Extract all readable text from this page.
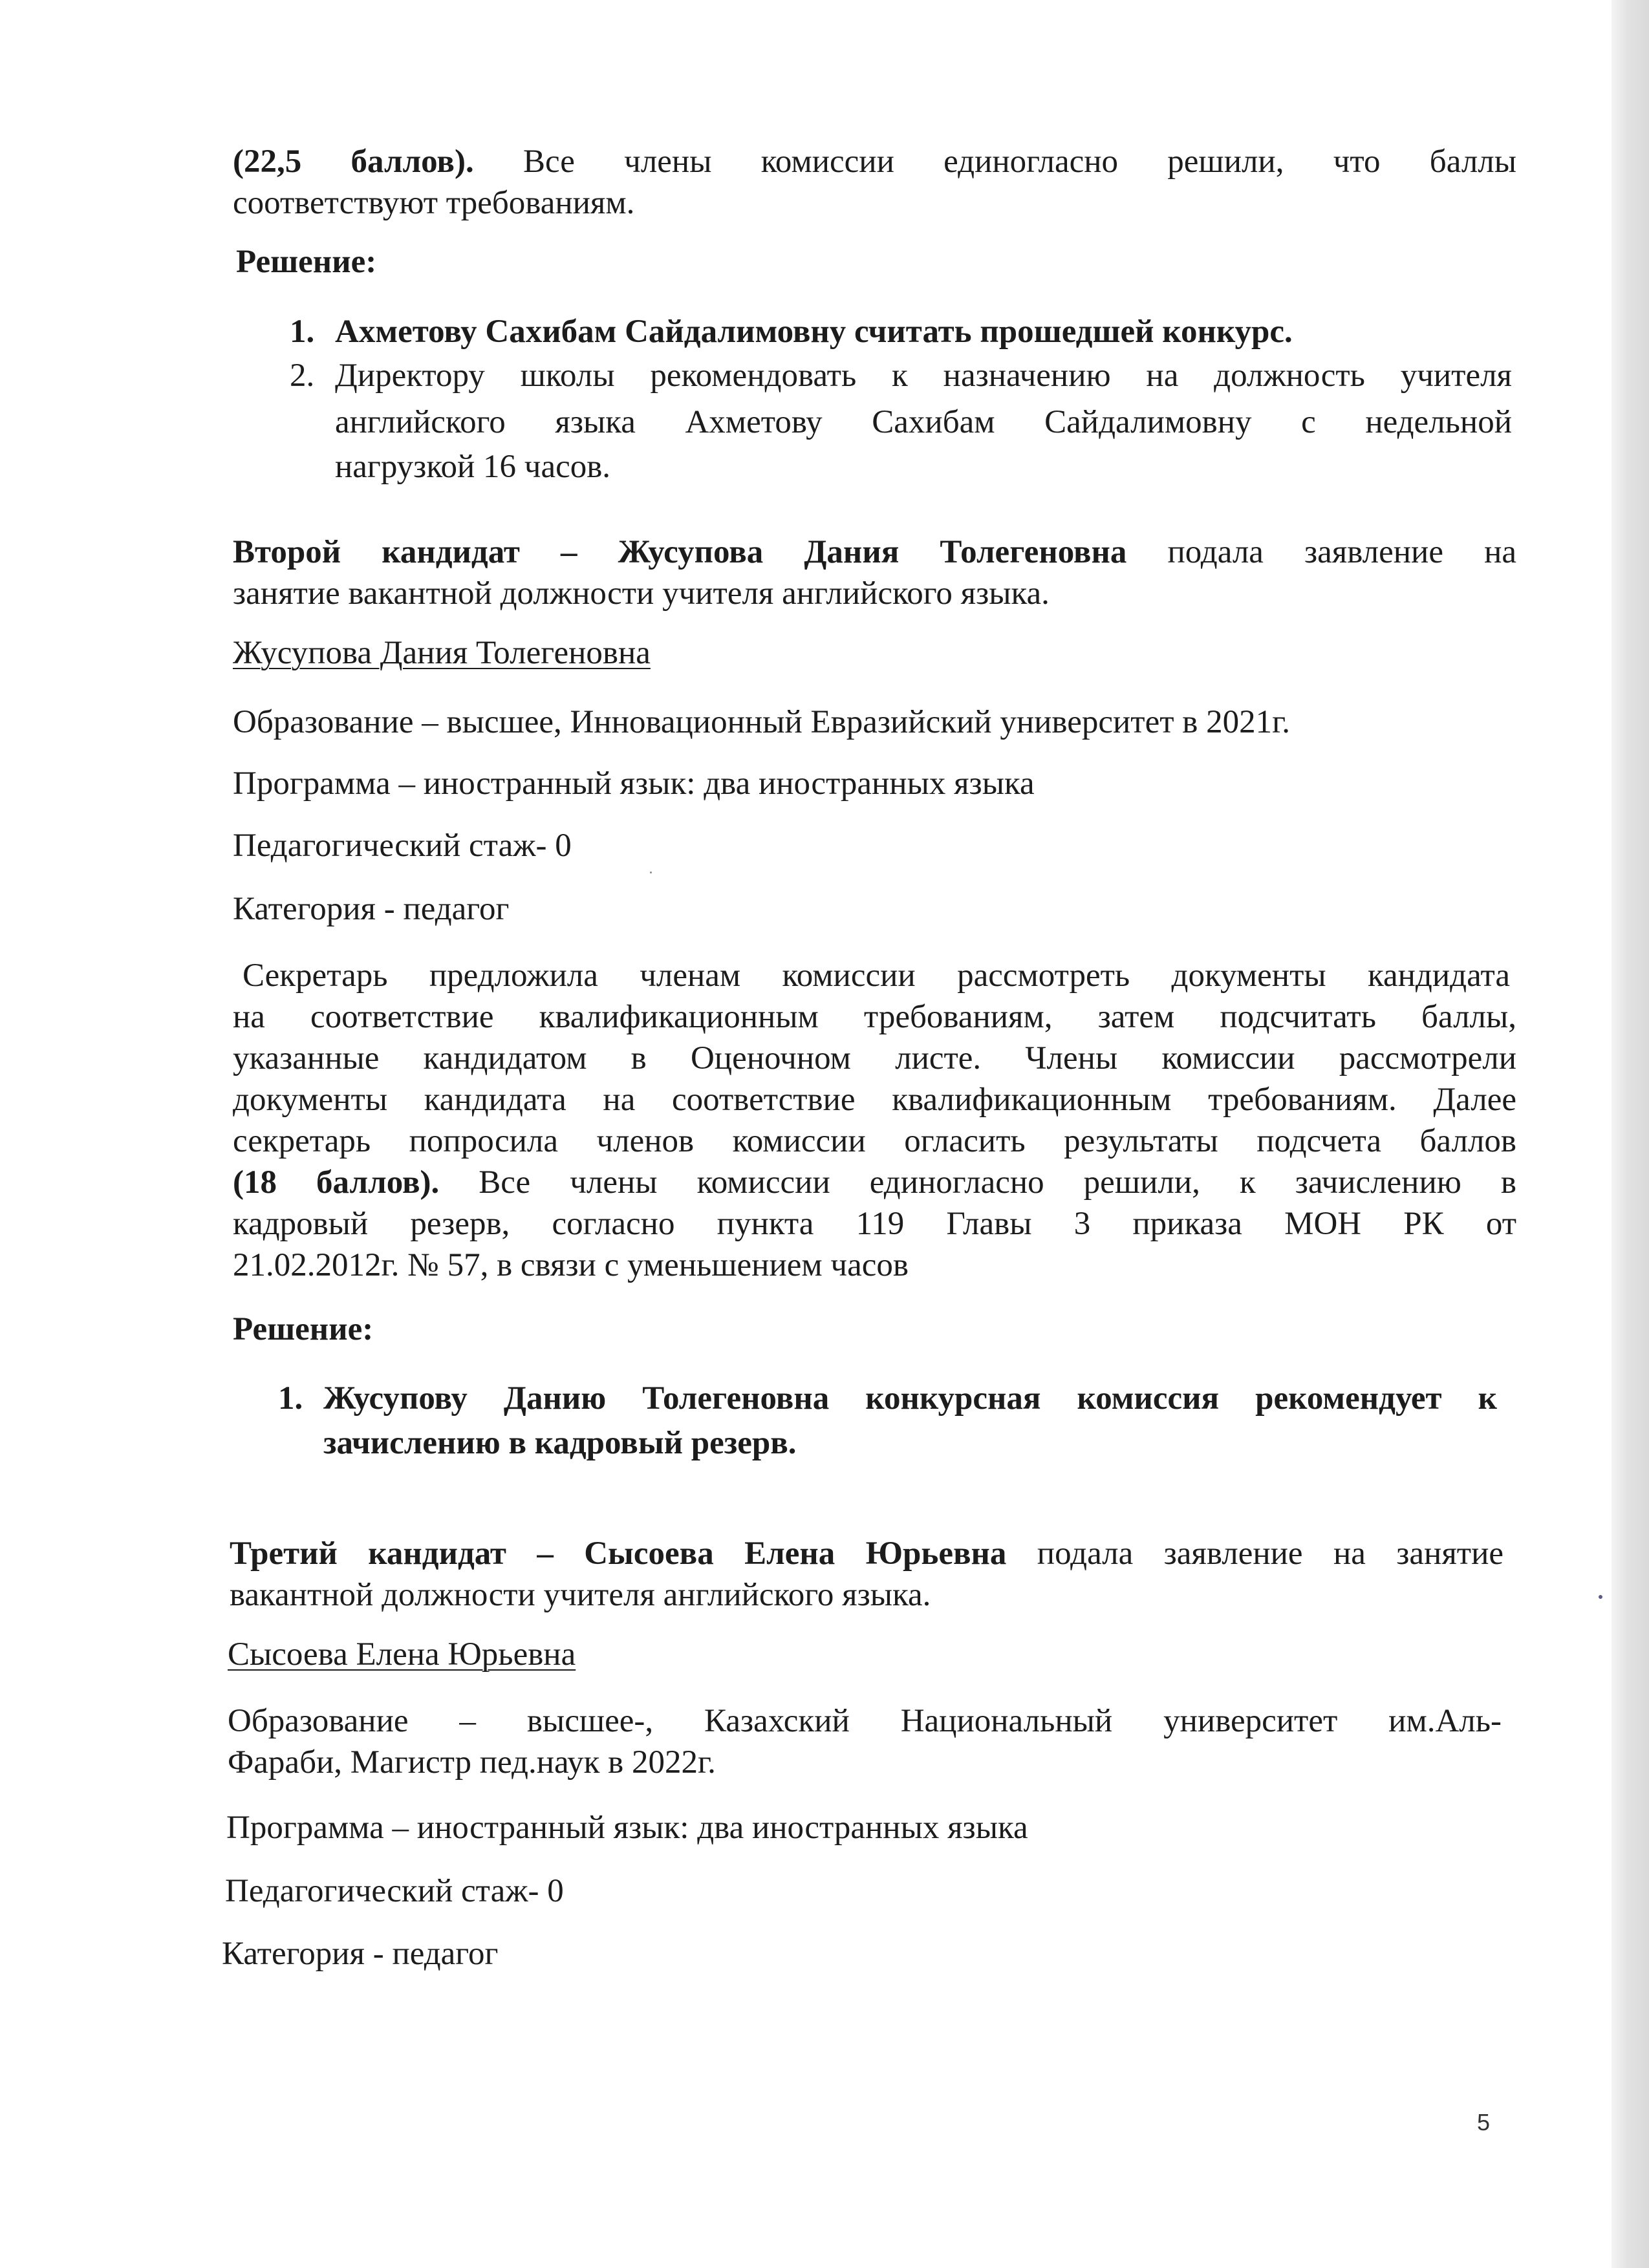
(22,5 баллов). Все члены комиссии единогласно решили, что баллы
соответствуют требованиям.
Решение:
1. Ахметову Сахибам Сайдалимовну считать прошедшей конкурс.
2. Директору школы рекомендовать к назначению на должность учителя
английского языка Ахметову Сахибам Сайдалимовну с недельной
нагрузкой 16 часов.
Второй кандидат – Жусупова Дания Толегеновна подала заявление на
занятие вакантной должности учителя английского языка.
Жусупова Дания Толегеновна
Образование – высшее, Инновационный Евразийский университет в 2021г.
Программа – иностранный язык: два иностранных языка
Педагогический стаж- 0
Категория - педагог
Секретарь предложила членам комиссии рассмотреть документы кандидата
на соответствие квалификационным требованиям, затем подсчитать баллы,
указанные кандидатом в Оценочном листе. Члены комиссии рассмотрели
документы кандидата на соответствие квалификационным требованиям. Далее
секретарь попросила членов комиссии огласить результаты подсчета баллов
(18 баллов). Все члены комиссии единогласно решили, к зачислению в
кадровый резерв, согласно пункта 119 Главы 3 приказа МОН РК от
21.02.2012г. № 57, в связи с уменьшением часов
Решение:
1. Жусупову Данию Толегеновна конкурсная комиссия рекомендует к
зачислению в кадровый резерв.
Третий кандидат – Сысоева Елена Юрьевна подала заявление на занятие
вакантной должности учителя английского языка.
Сысоева Елена Юрьевна
Образование – высшее-, Казахский Национальный университет им.Аль-
Фараби, Магистр пед.наук в 2022г.
Программа – иностранный язык: два иностранных языка
Педагогический стаж- 0
Категория - педагог
5
